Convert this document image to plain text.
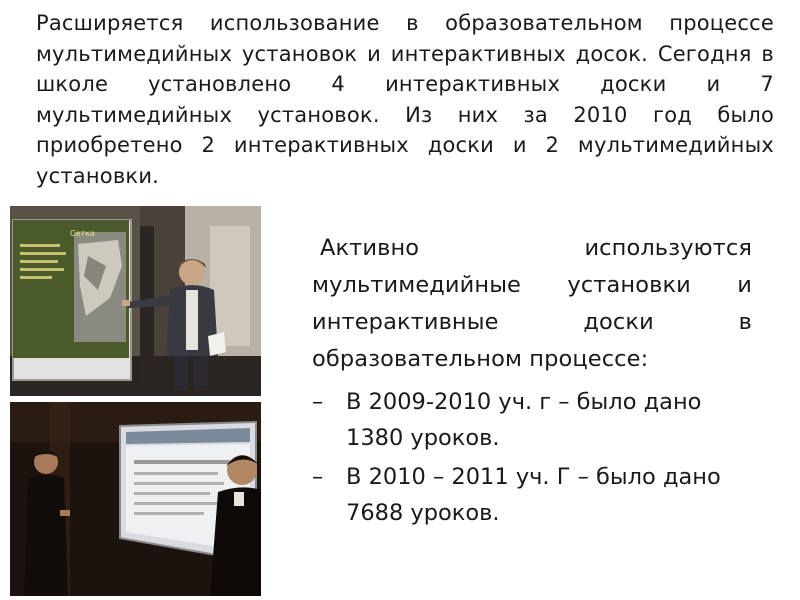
Расширяется использование в образовательном процессе мультимедийных установок и интерактивных досок. Сегодня в школе установлено 4 интерактивных доски и 7 мультимедийных установок. Из них за 2010 год было приобретено 2 интерактивных доски и 2 мультимедийных установки.

Сетка

Активно используются мультимедийные установки и интерактивные доски в образовательном процессе:

– В 2009-2010 уч. г – было дано 1380 уроков.
– В 2010 – 2011 уч. Г – было дано 7688 уроков.
